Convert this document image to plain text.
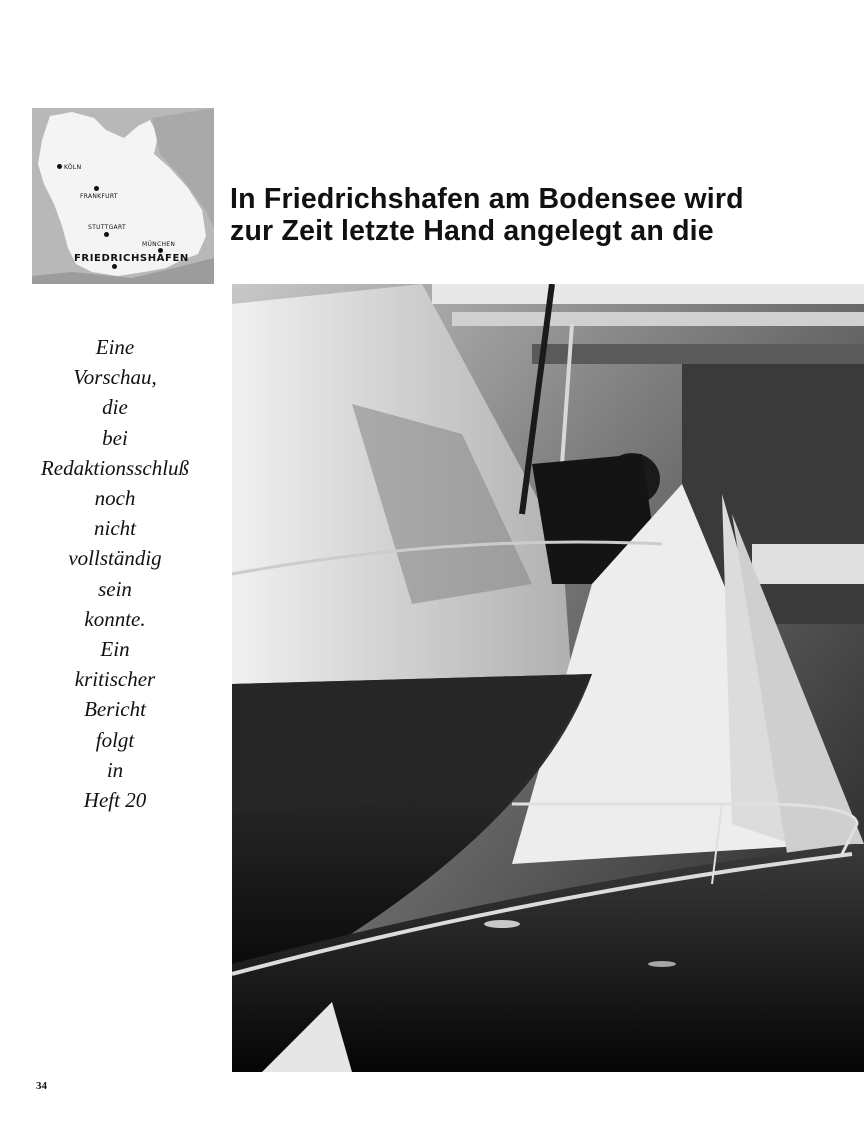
KÖLN
FRANKFURT
STUTTGART
MÜNCHEN
FRIEDRICHSHAFEN
In Friedrichshafen am Bodensee wird
zur Zeit letzte Hand angelegt an die
Eine
Vorschau,
die
bei
Redaktionsschluß
noch
nicht
vollständig
sein
konnte.
Ein
kritischer
Bericht
folgt
in
Heft 20
34
